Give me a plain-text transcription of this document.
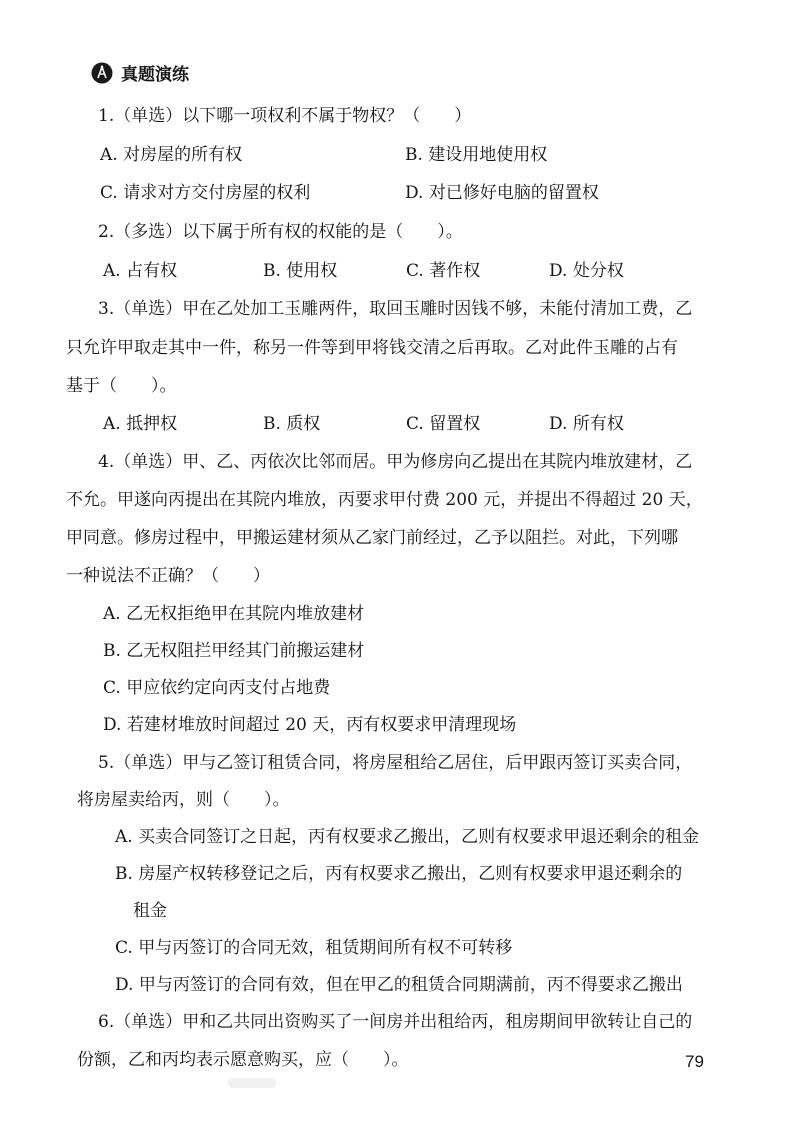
真题演练
1.（单选）以下哪一项权利不属于物权？（　　）
A. 对房屋的所有权	B. 建设用地使用权
C. 请求对方交付房屋的权利	D. 对已修好电脑的留置权
2.（多选）以下属于所有权的权能的是（　　）。
A. 占有权	B. 使用权	C. 著作权	D. 处分权
3.（单选）甲在乙处加工玉雕两件，取回玉雕时因钱不够，未能付清加工费，乙
只允许甲取走其中一件，称另一件等到甲将钱交清之后再取。乙对此件玉雕的占有
基于（　　）。
A. 抵押权	B. 质权	C. 留置权	D. 所有权
4.（单选）甲、乙、丙依次比邻而居。甲为修房向乙提出在其院内堆放建材，乙
不允。甲遂向丙提出在其院内堆放，丙要求甲付费 200 元，并提出不得超过 20 天，
甲同意。修房过程中，甲搬运建材须从乙家门前经过，乙予以阻拦。对此，下列哪
一种说法不正确？（　　）
A. 乙无权拒绝甲在其院内堆放建材
B. 乙无权阻拦甲经其门前搬运建材
C. 甲应依约定向丙支付占地费
D. 若建材堆放时间超过 20 天，丙有权要求甲清理现场
5.（单选）甲与乙签订租赁合同，将房屋租给乙居住，后甲跟丙签订买卖合同，
将房屋卖给丙，则（　　）。
A. 买卖合同签订之日起，丙有权要求乙搬出，乙则有权要求甲退还剩余的租金
B. 房屋产权转移登记之后，丙有权要求乙搬出，乙则有权要求甲退还剩余的
租金
C. 甲与丙签订的合同无效，租赁期间所有权不可转移
D. 甲与丙签订的合同有效，但在甲乙的租赁合同期满前，丙不得要求乙搬出
6.（单选）甲和乙共同出资购买了一间房并出租给丙，租房期间甲欲转让自己的
份额，乙和丙均表示愿意购买，应（　　）。	79
